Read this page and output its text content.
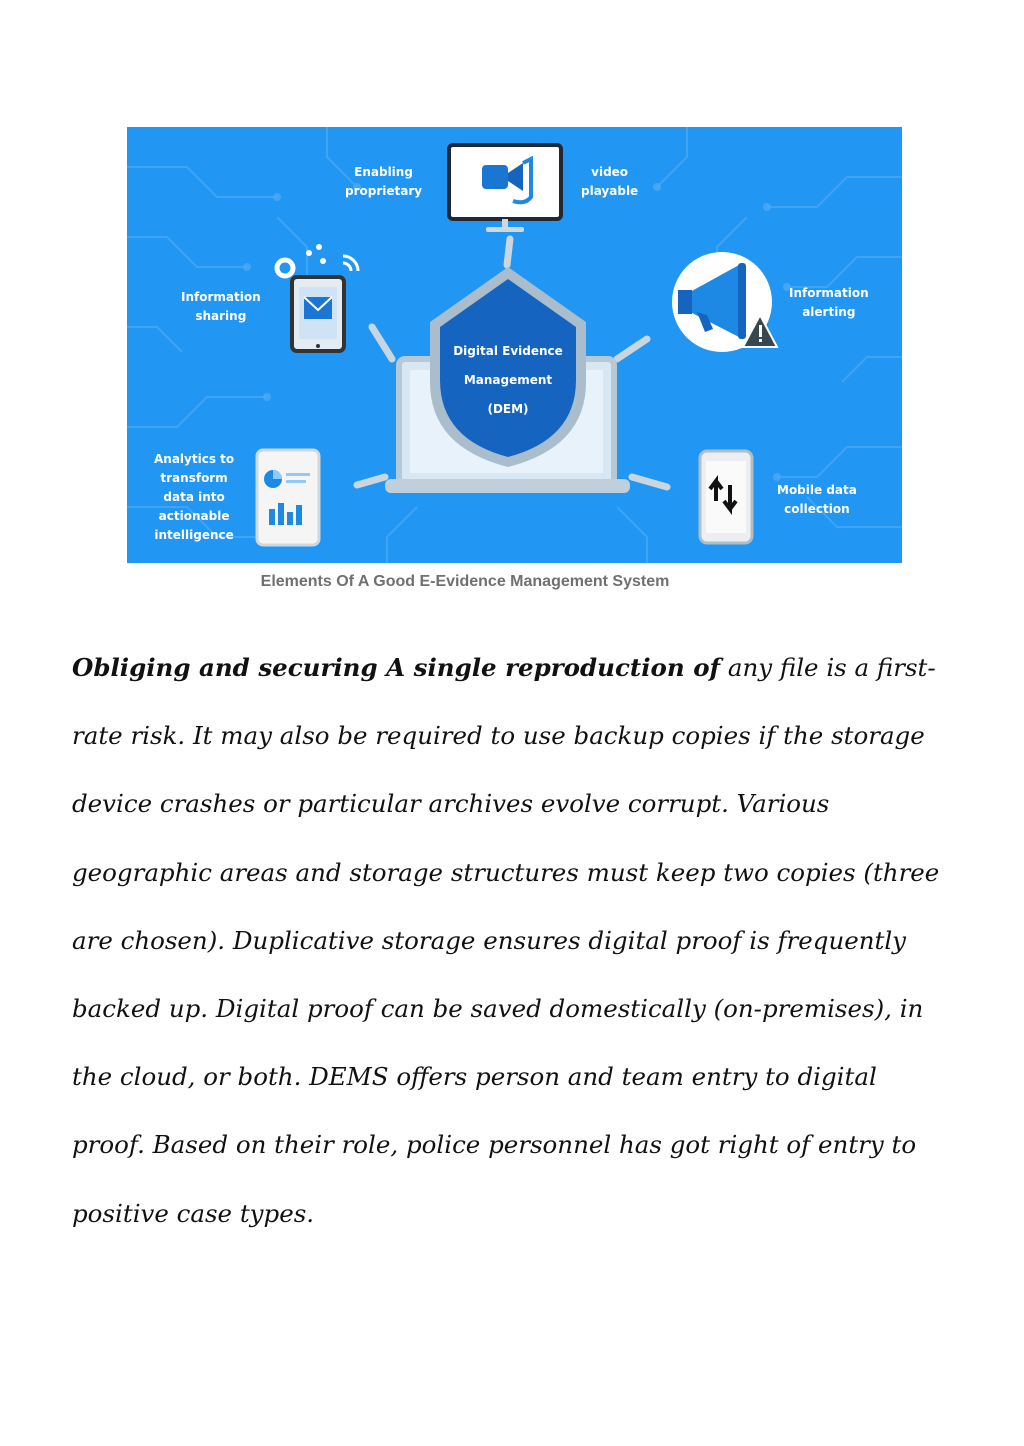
Enabling
proprietary
video
playable
Information
sharing
Information
alerting
Analytics to
transform
data into
actionable
intelligence
Mobile data
collection
Digital Evidence
Management
(DEM)
Elements Of A Good E-Evidence Management System
Obliging and securing A single reproduction of any file is a first-rate risk. It may also be required to use backup copies if the storage device crashes or particular archives evolve corrupt. Various geographic areas and storage structures must keep two copies (three are chosen). Duplicative storage ensures digital proof is frequently backed up. Digital proof can be saved domestically (on-premises), in the cloud, or both. DEMS offers person and team entry to digital proof. Based on their role, police personnel has got right of entry to positive case types.
